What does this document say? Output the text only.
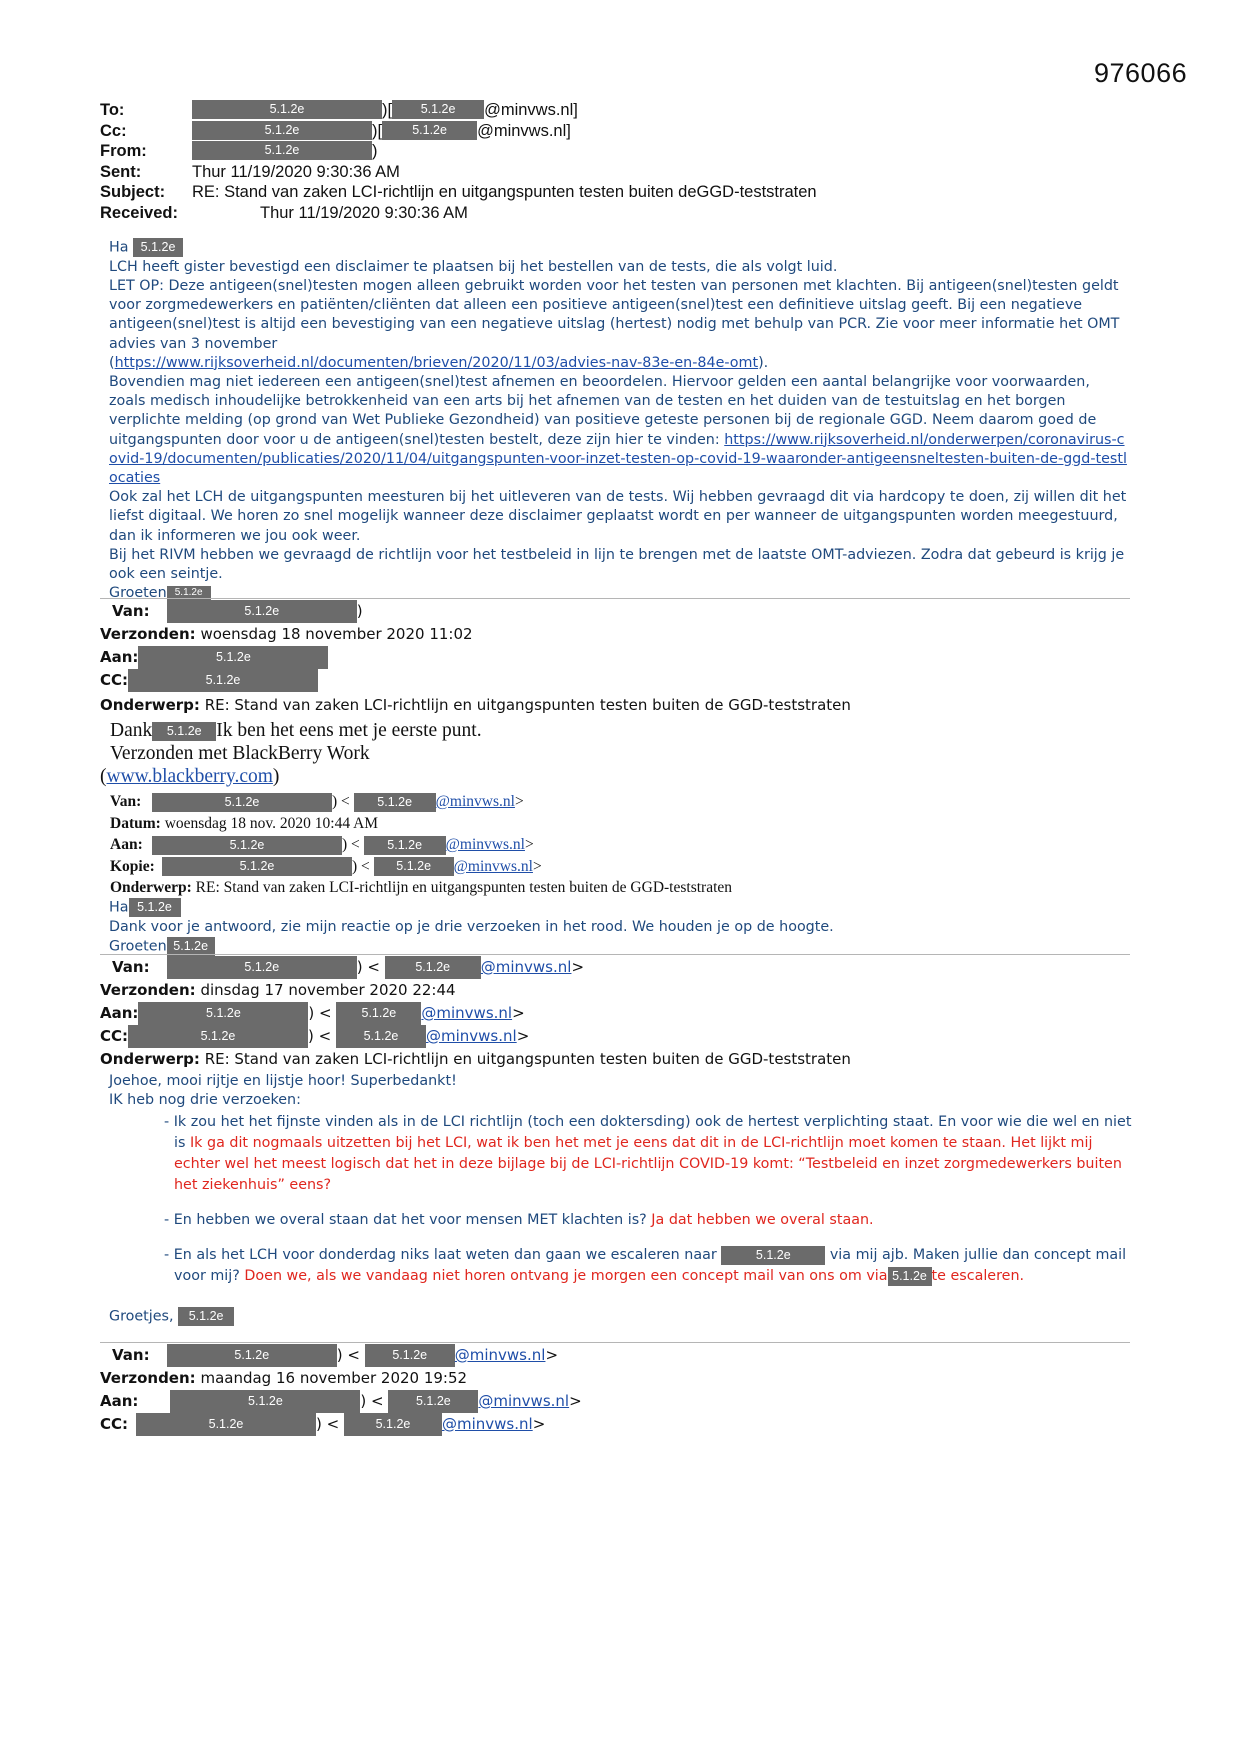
976066
To:	5.1.2e	)[	5.1.2e	@minvws.nl]
Cc:	5.1.2e	)[	5.1.2e	@minvws.nl]
From:	5.1.2e	)
Sent:	Thur 11/19/2020 9:30:36 AM
Subject:	RE: Stand van zaken LCI-richtlijn en uitgangspunten testen buiten deGGD-teststraten
Received:	Thur 11/19/2020 9:30:36 AM

Ha 5.1.2e

LCH heeft gister bevestigd een disclaimer te plaatsen bij het bestellen van de tests, die als volgt luid.

LET OP: Deze antigeen(snel)testen mogen alleen gebruikt worden voor het testen van personen met klachten. Bij antigeen(snel)testen geldt voor zorgmedewerkers en patiënten/cliënten dat alleen een positieve antigeen(snel)test een definitieve uitslag geeft. Bij een negatieve antigeen(snel)test is altijd een bevestiging van een negatieve uitslag (hertest) nodig met behulp van PCR. Zie voor meer informatie het OMT advies van 3 november

(https://www.rijksoverheid.nl/documenten/brieven/2020/11/03/advies-nav-83e-en-84e-omt).

Bovendien mag niet iedereen een antigeen(snel)test afnemen en beoordelen. Hiervoor gelden een aantal belangrijke voor voorwaarden, zoals medisch inhoudelijke betrokkenheid van een arts bij het afnemen van de testen en het duiden van de testuitslag en het borgen verplichte melding (op grond van Wet Publieke Gezondheid) van positieve geteste personen bij de regionale GGD. Neem daarom goed de uitgangspunten door voor u de antigeen(snel)testen bestelt, deze zijn hier te vinden: https://www.rijksoverheid.nl/onderwerpen/coronavirus-covid-19/documenten/publicaties/2020/11/04/uitgangspunten-voor-inzet-testen-op-covid-19-waaronder-antigeensneltesten-buiten-de-ggd-testlocaties

Ook zal het LCH de uitgangspunten meesturen bij het uitleveren van de tests. Wij hebben gevraagd dit via hardcopy te doen, zij willen dit het liefst digitaal. We horen zo snel mogelijk wanneer deze disclaimer geplaatst wordt en per wanneer de uitgangspunten worden meegestuurd, dan ik informeren we jou ook weer.

Bij het RIVM hebben we gevraagd de richtlijn voor het testbeleid in lijn te brengen met de laatste OMT-adviezen. Zodra dat gebeurd is krijg je ook een seintje.

Groeten 5.1.2e

Van:	5.1.2e	)
Verzonden: woensdag 18 november 2020 11:02
Aan:	5.1.2e
CC:	5.1.2e
Onderwerp: RE: Stand van zaken LCI-richtlijn en uitgangspunten testen buiten de GGD-teststraten
Dank 5.1.2e Ik ben het eens met je eerste punt.
Verzonden met BlackBerry Work
(www.blackberry.com)
Van:	5.1.2e	) < 5.1.2e @minvws.nl>
Datum: woensdag 18 nov. 2020 10:44 AM
Aan:	5.1.2e	) < 5.1.2e @minvws.nl>
Kopie:	5.1.2e	) < 5.1.2e @minvws.nl>
Onderwerp: RE: Stand van zaken LCI-richtlijn en uitgangspunten testen buiten de GGD-teststraten

Ha 5.1.2e

Dank voor je antwoord, zie mijn reactie op je drie verzoeken in het rood. We houden je op de hoogte.

Groeten 5.1.2e

Van:	5.1.2e	) < 5.1.2e @minvws.nl>
Verzonden: dinsdag 17 november 2020 22:44
Aan:	5.1.2e	) < 5.1.2e @minvws.nl>
CC:	5.1.2e	) < 5.1.2e @minvws.nl>
Onderwerp: RE: Stand van zaken LCI-richtlijn en uitgangspunten testen buiten de GGD-teststraten

Joehoe, mooi rijtje en lijstje hoor! Superbedankt!

IK heb nog drie verzoeken:

- Ik zou het het fijnste vinden als in de LCI richtlijn (toch een doktersding) ook de hertest verplichting staat. En voor wie die wel en niet is Ik ga dit nogmaals uitzetten bij het LCI, wat ik ben het met je eens dat dit in de LCI-richtlijn moet komen te staan. Het lijkt mij echter wel het meest logisch dat het in deze bijlage bij de LCI-richtlijn COVID-19 komt: “Testbeleid en inzet zorgmedewerkers buiten het ziekenhuis” eens?
- En hebben we overal staan dat het voor mensen MET klachten is? Ja dat hebben we overal staan.
- En als het LCH voor donderdag niks laat weten dan gaan we escaleren naar	5.1.2e	via mij ajb. Maken jullie dan concept mail voor mij? Doen we, als we vandaag niet horen ontvang je morgen een concept mail van ons om via 5.1.2e te escaleren.

Groetjes, 5.1.2e

Van:	5.1.2e	) < 5.1.2e @minvws.nl>
Verzonden: maandag 16 november 2020 19:52
Aan:	5.1.2e	) < 5.1.2e @minvws.nl>
CC:	5.1.2e	) <	5.1.2e @minvws.nl>
